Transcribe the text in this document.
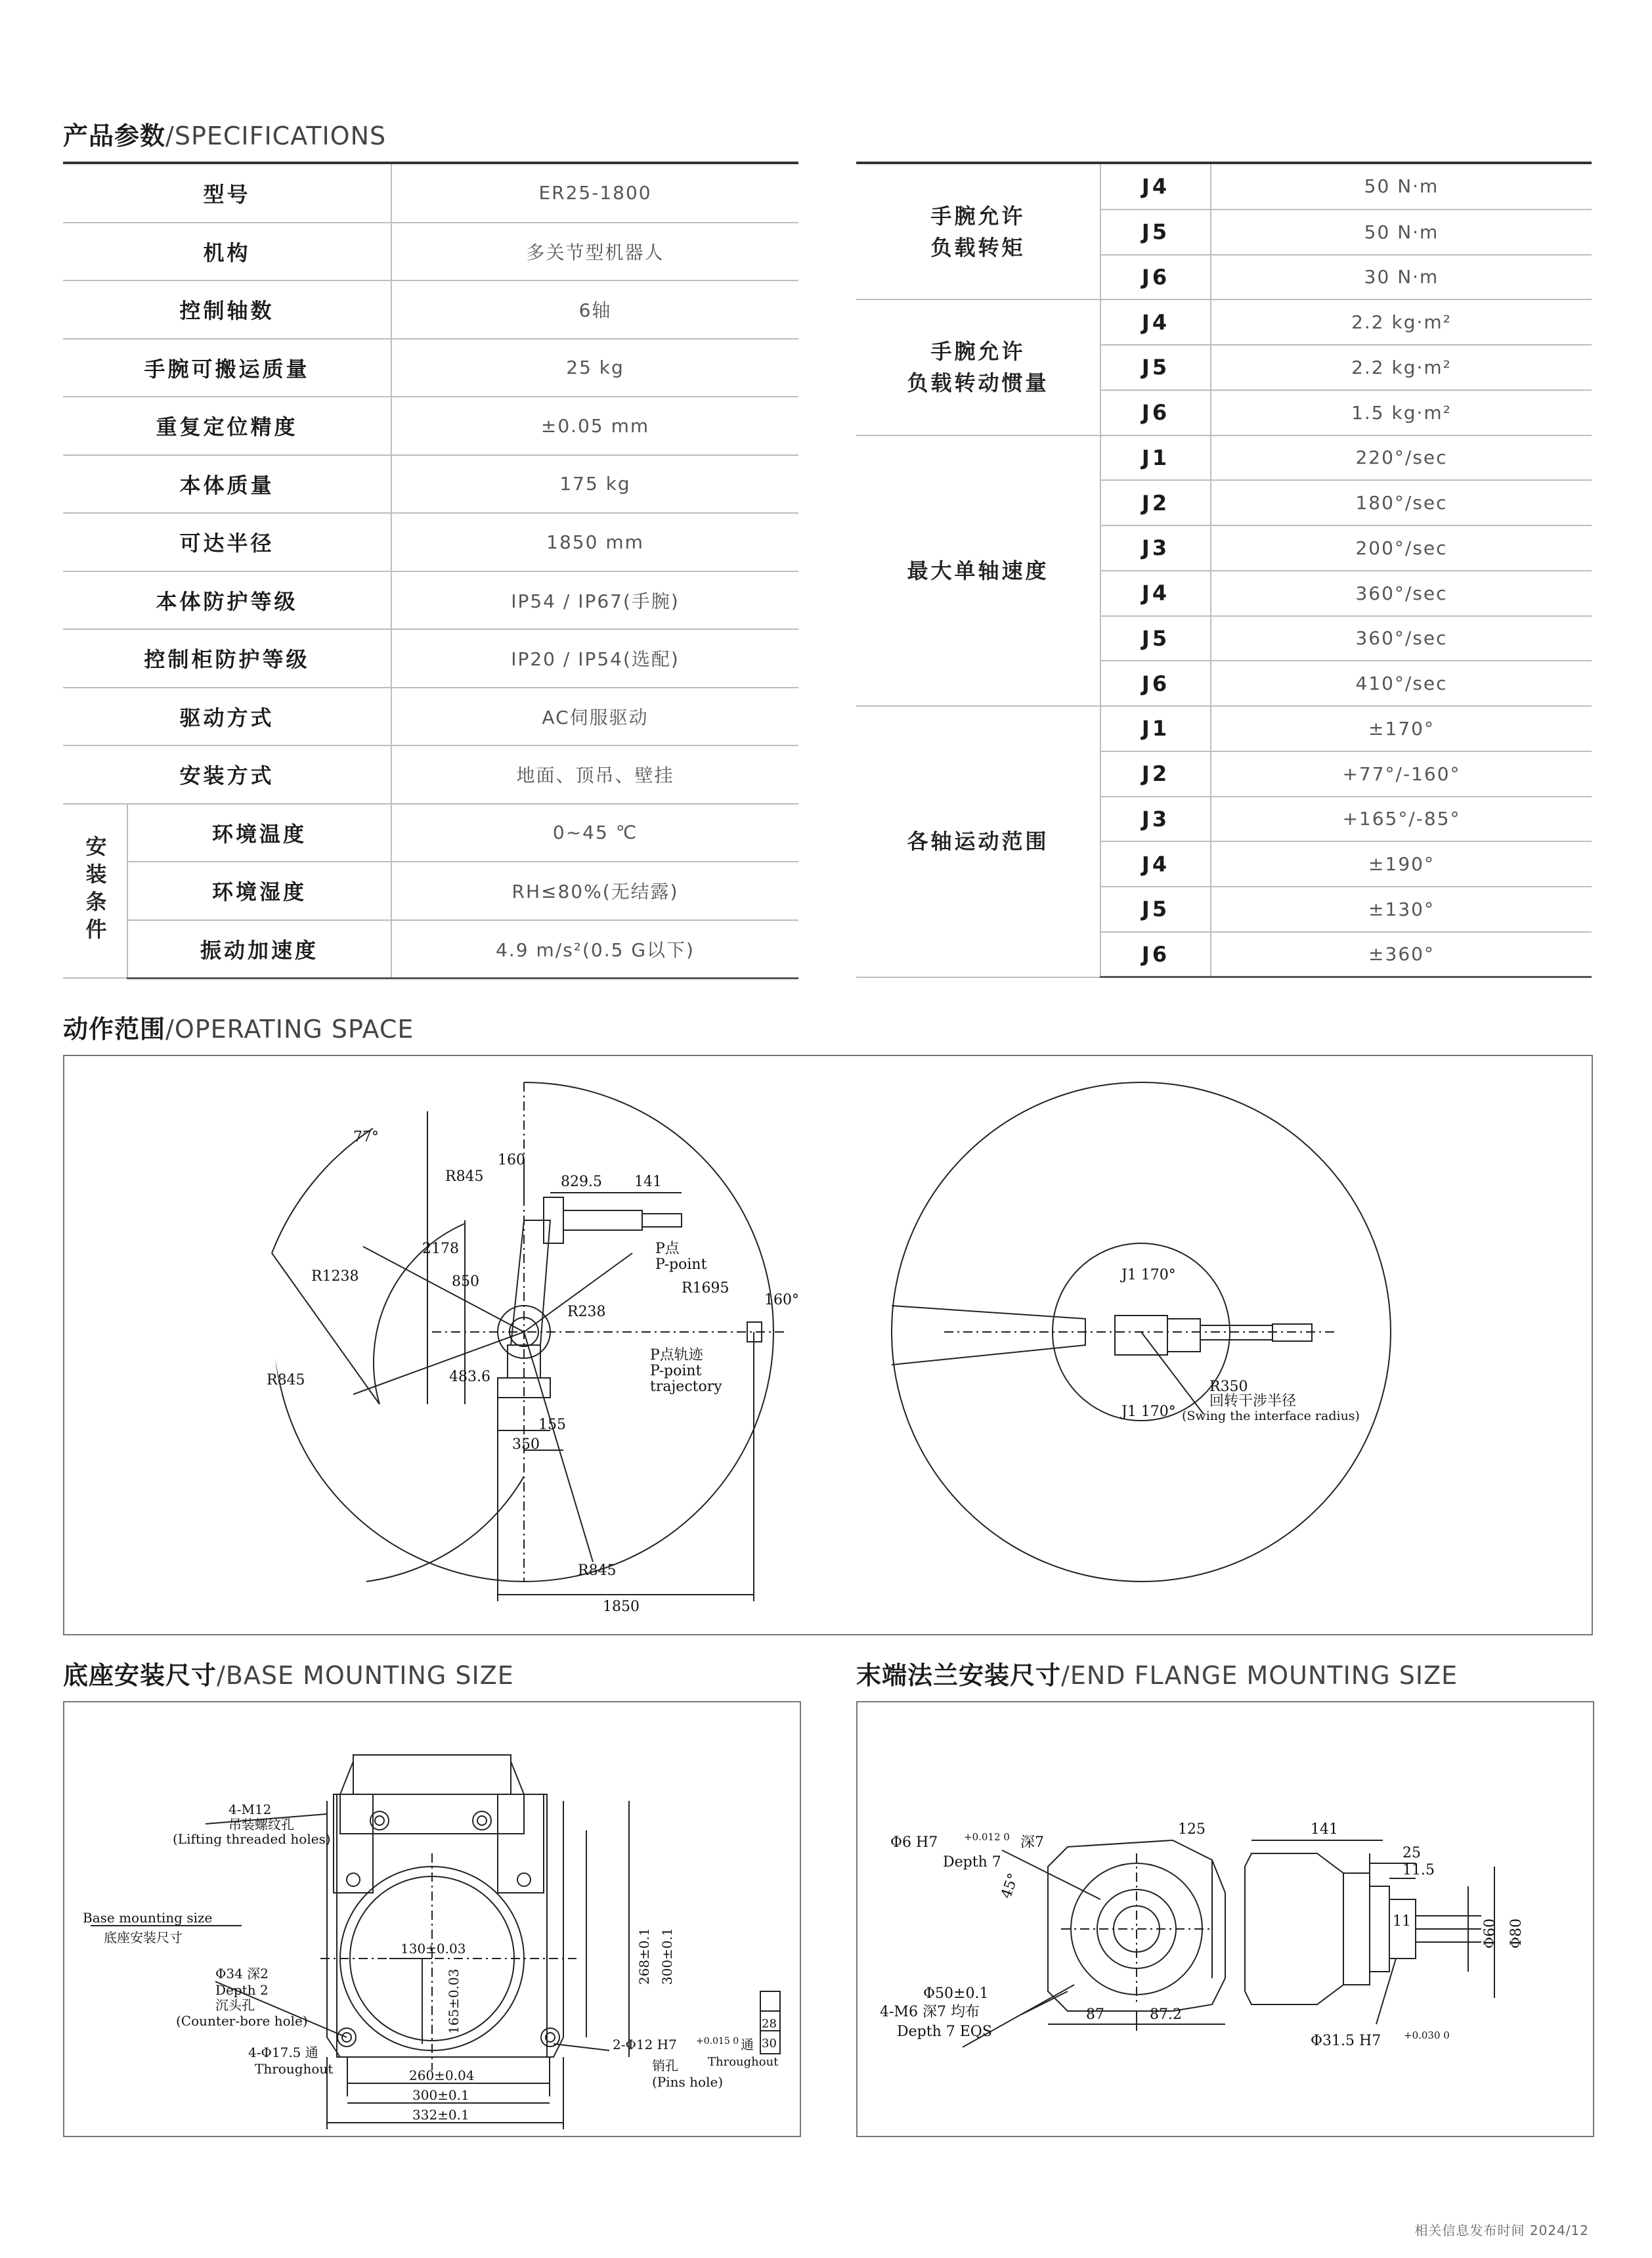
产品参数/SPECIFICATIONS
型号		ER25-1800
机构		多关节型机器人
控制轴数		6轴
手腕可搬运质量		25 kg
重复定位精度		±0.05 mm
本体质量		175 kg
可达半径		1850 mm
本体防护等级		IP54 / IP67(手腕)
控制柜防护等级		IP20 / IP54(选配)
驱动方式		AC伺服驱动
安装方式		地面、顶吊、壁挂
安装条件	环境温度	0~45 ℃
	环境湿度	RH≤80%(无结露)
	振动加速度	4.9 m/s²(0.5 G以下)
手腕允许
负载转矩	J4	50 N·m
	J5	50 N·m
	J6	30 N·m

手腕允许
负载转动惯量	J4	2.2 kg·m²
	J5	2.2 kg·m²
	J6	1.5 kg·m²

最大单轴速度	J1	220°/sec
	J2	180°/sec
	J3	200°/sec
	J4	360°/sec
	J5	360°/sec
	J6	410°/sec

各轴运动范围	J1	±170°
	J2	+77°/-160°
	J3	+165°/-85°
	J4	±190°
	J5	±130°
	J6	±360°
动作范围/OPERATING SPACE
77°
R845
160
829.5 141
P点
P-point
R1695
160°
R1238
2178
850
R238
R845	483.6
P点轨迹
P-point
trajectory
155
350
R845
1850
J1 170°
J1 170°
R350
回转干涉半径
(Swing the interface radius)
底座安装尺寸/BASE MOUNTING SIZE
4-M12
吊装螺纹孔
(Lifting threaded holes)
Base mounting size
底座安装尺寸
Φ34 深2
Depth 2
沉头孔
(Counter-bore hole)
4-Φ17.5 通
Throughout
130±0.03
165±0.03
268±0.1 300±0.1
2-Φ12 H7 +0.015 0 通
Throughout
销孔
(Pins hole)
260±0.04
300±0.1
332±0.1
28
30
末端法兰安装尺寸/END FLANGE MOUNTING SIZE
Φ6 H7	+0.012 0 深7
Depth 7
45°
125	141
25
11.5
11	Φ60 Φ80
Φ50±0.1
4-M6 深7 均布
Depth 7 EQS
87	87.2
Φ31.5 H7 +0.030 0
相关信息发布时间 2024/12
